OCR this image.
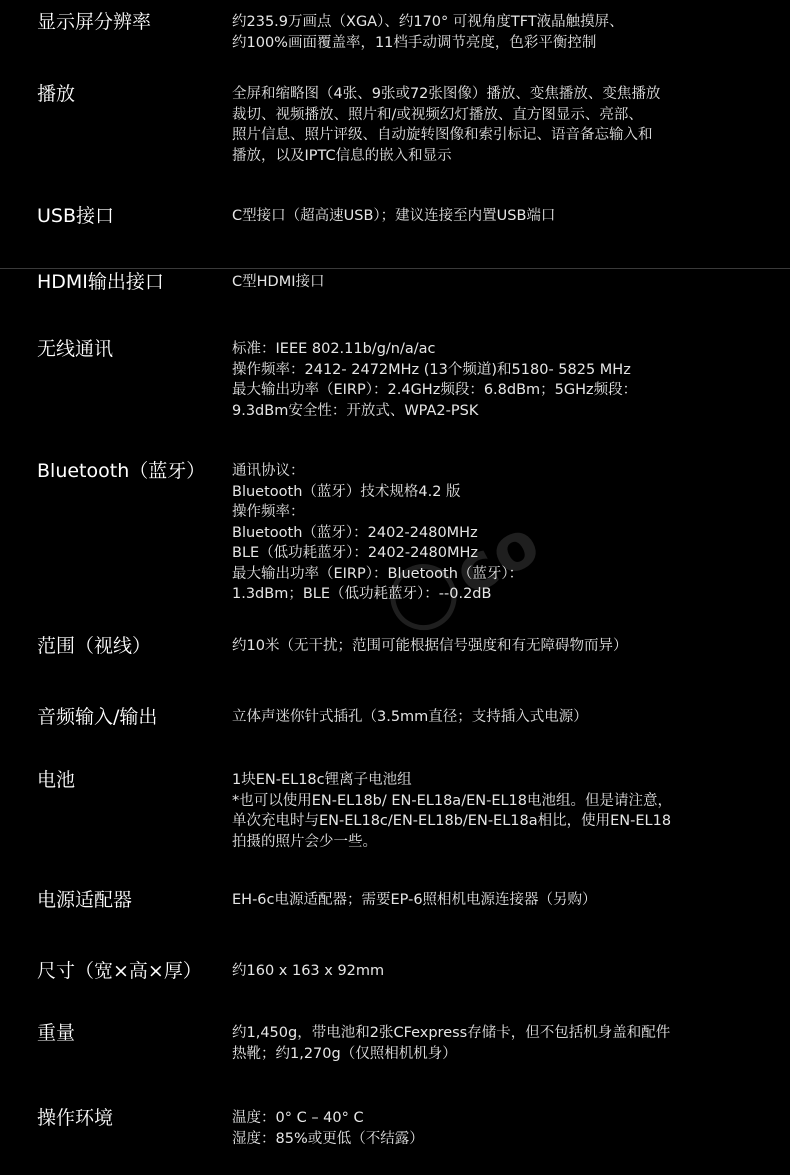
显示屏分辨率	约235.9万画点（XGA）、约170° 可视角度TFT液晶触摸屏、
约100%画面覆盖率，11档手动调节亮度，色彩平衡控制
播放	全屏和缩略图（4张、9张或72张图像）播放、变焦播放、变焦播放
裁切、视频播放、照片和/或视频幻灯播放、直方图显示、亮部、
照片信息、照片评级、自动旋转图像和索引标记、语音备忘输入和
播放，以及IPTC信息的嵌入和显示
USB接口	C型接口（超高速USB）；建议连接至内置USB端口
HDMI输出接口	C型HDMI接口
无线通讯	标准：IEEE 802.11b/g/n/a/ac
操作频率：2412- 2472MHz (13个频道)和5180- 5825 MHz
最大输出功率（EIRP）：2.4GHz频段：6.8dBm；5GHz频段：
9.3dBm安全性：开放式、WPA2-PSK
Bluetooth（蓝牙） 通讯协议：
Bluetooth（蓝牙）技术规格4.2 版
操作频率：
Bluetooth（蓝牙）：2402-2480MHz
BLE（低功耗蓝牙）：2402-2480MHz
最大输出功率（EIRP）：Bluetooth（蓝牙）：
1.3dBm；BLE（低功耗蓝牙）：--0.2dB
范围（视线）	约10米（无干扰；范围可能根据信号强度和有无障碍物而异）
音频输入/输出	立体声迷你针式插孔（3.5mm直径；支持插入式电源）
电池	1块EN-EL18c锂离子电池组
*也可以使用EN-EL18b/ EN-EL18a/EN-EL18电池组。但是请注意，
单次充电时与EN-EL18c/EN-EL18b/EN-EL18a相比，使用EN-EL18
拍摄的照片会少一些。
电源适配器	EH-6c电源适配器；需要EP-6照相机电源连接器（另购）
尺寸（宽×高×厚） 约160 x 163 x 92mm
重量	约1,450g，带电池和2张CFexpress存储卡，但不包括机身盖和配件
热靴；约1,270g（仅照相机机身）
操作环境	温度：0° C – 40° C
湿度：85%或更低（不结露）
co
